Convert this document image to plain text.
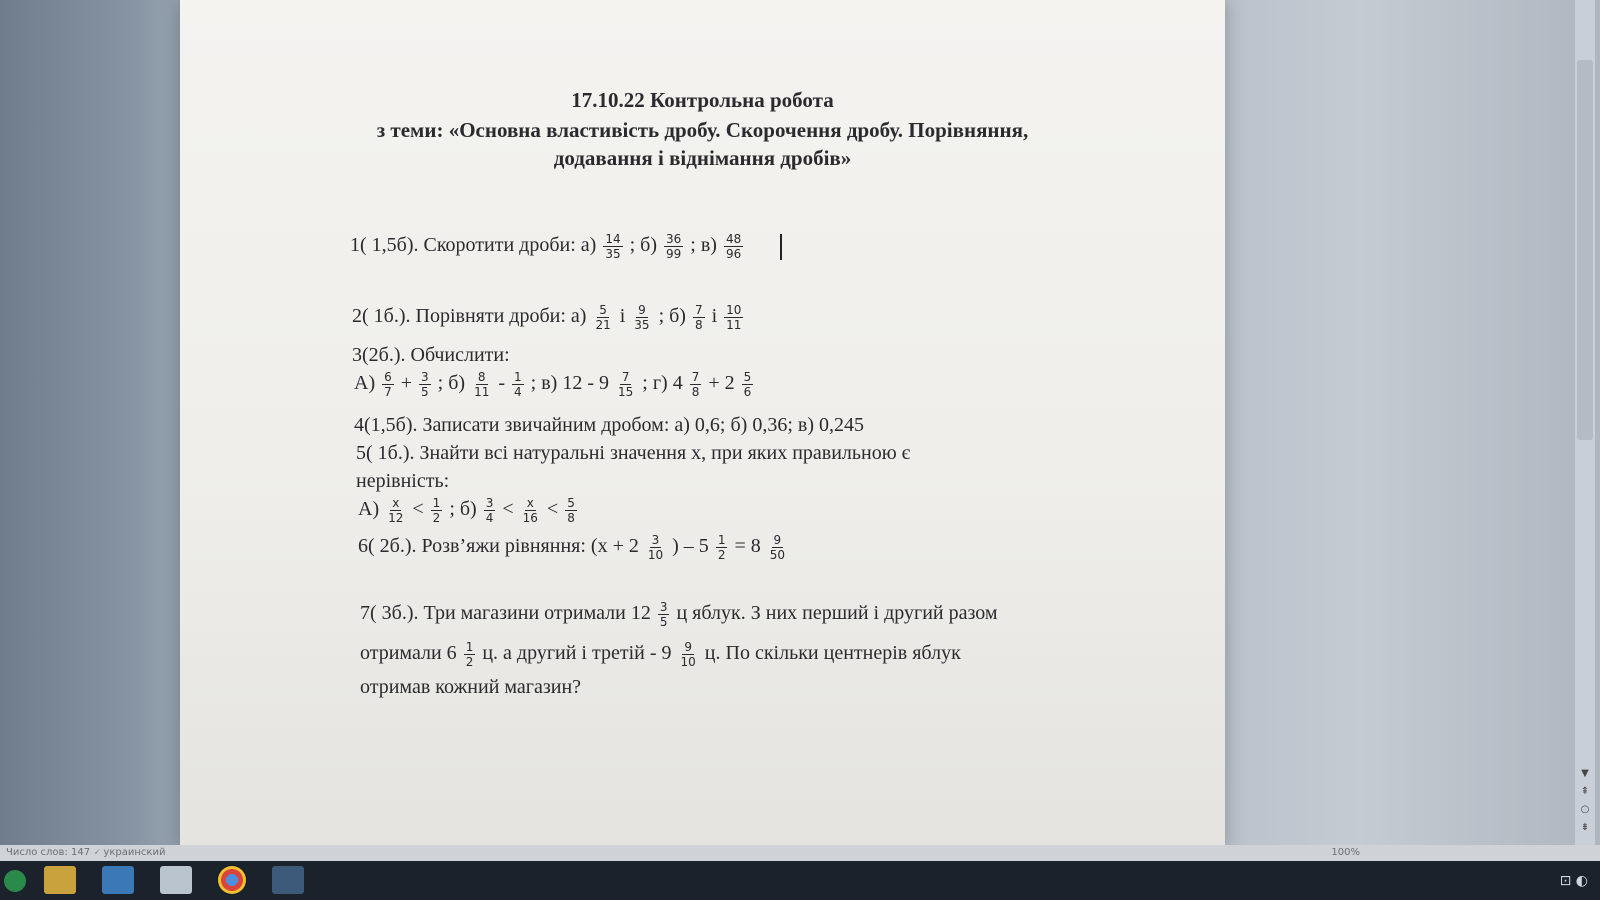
17.10.22 Контрольна робота
з теми: «Основна властивість дробу. Скорочення дробу. Порівняння,
додавання і віднімання дробів»
1( 1,5б). Скоротити дроби: $а) \frac{14}{35}$ ; $б) \frac{36}{99}$ ; $в) \frac{48}{96}$

2( 1б.). Порівняти дроби: $а) \frac{5}{21}$ і $\frac{9}{35}$ ; $б) \frac{7}{8}$ і $\frac{10}{11}$
3(2б.). Обчислити:
$А) \frac{6}{7} + \frac{3}{5}$ ; $б) \frac{8}{11} - \frac{1}{4}$ ; в) $12 - 9 \frac{7}{15}$ ; г) $4 \frac{7}{8} + 2 \frac{5}{6}$
4(1,5б). Записати звичайним дробом: а) 0,6; б) 0,36; в) 0,245
5( 1б.). Знайти всі натуральні значення х, при яких правильною є
нерівність:
$А) \frac{x}{12} < \frac{1}{2}$ ; $б) \frac{3}{4} < \frac{x}{16} < \frac{5}{8}$
6( 2б.). Розв’яжи рівняння: ($х + 2 \frac{3}{10}$ ) – $5 \frac{1}{2} = 8 \frac{9}{50}$
7( 3б.). Три магазини отримали $12 \frac{3}{5}$ ц яблук. З них перший і другий разом
отримали $6 \frac{1}{2} ц$. а другий і третій - $9 \frac{9}{10} ц$. По скільки центнерів яблук
отримав кожний магазин?
▼
⇞
○
⇟
Число слов: 147 🗸 украинский	100%
⊡ ◐
